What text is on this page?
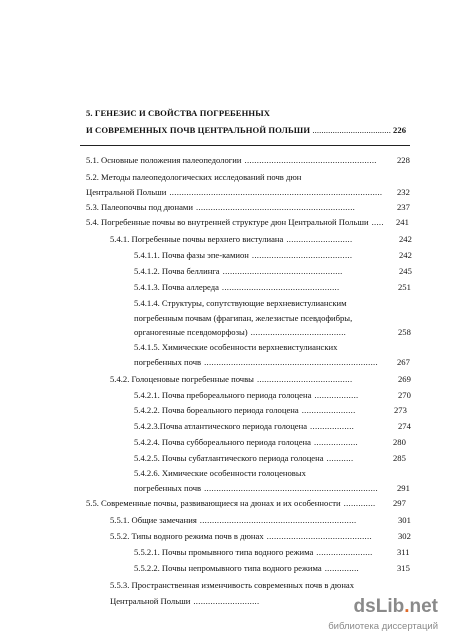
5. ГЕНЕЗИС И СВОЙСТВА ПОГРЕБЕННЫХ
И СОВРЕМЕННЫХ ПОЧВ ЦЕНТРАЛЬНОЙ ПОЛЬШИ ................................... 226
5.1. Основные положения палеопедологии ...................................................... 228
5.2. Методы палеопедологических исследований почв дюн
Центральной Польши ....................................................................................... 232
5.3. Палеопочвы под дюнами .................................................................	237
5.4. Погребенные почвы во внутренней структуре дюн Центральной Польши ..... 241
5.4.1. Погребенные почвы верхнего вистулиана ...........................	242
5.4.1.1. Почва фазы эпе-камион .........................................	242
5.4.1.2. Почва беллинга .................................................	245
5.4.1.3. Почва аллереда ................................................	251
5.4.1.4. Структуры, сопутствующие верхневистулианским
погребенным почвам (фрагипан, железистые псевдофибры,
органогенные псевдоморфозы) .......................................	258
5.4.1.5. Химические особенности верхневистулианских
погребенных почв ....................................................................... 267
5.4.2. Голоценовые погребенные почвы .......................................	269
5.4.2.1. Почва пребореального периода голоцена ..................	270
5.4.2.2. Почва бореального периода голоцена ......................	273
5.4.2.3.Почва атлантического периода голоцена ..................	274
5.4.2.4. Почва суббореального периода голоцена ..................	280
5.4.2.5. Почвы субатлантического периода голоцена ...........	285
5.4.2.6. Химические особенности голоценовых
погребенных почв ....................................................................... 291
5.5. Современные почвы, развивающиеся на дюнах и их особенности ............. 297
5.5.1. Общие замечания ................................................................	301
5.5.2. Типы водного режима почв в дюнах ...........................................	302
5.5.2.1. Почвы промывного типа водного режима .......................	311
5.5.2.2. Почвы непромывного типа водного режима ..............	315
5.5.3. Пространственная изменчивость современных почв в дюнах
Центральной Польши ...........................	dsLib.net
библиотека диссертаций
